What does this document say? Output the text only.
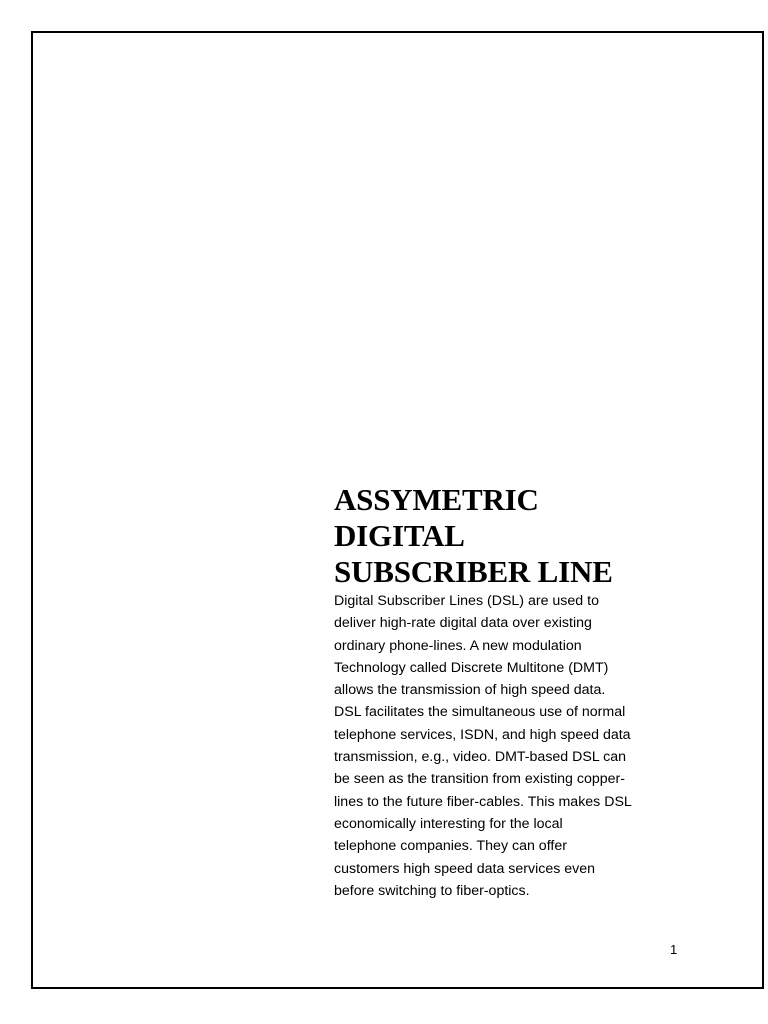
ASSYMETRIC
DIGITAL
SUBSCRIBER LINE

Digital Subscriber Lines (DSL) are used to
deliver high-rate digital data over existing
ordinary phone-lines. A new modulation
Technology called Discrete Multitone (DMT)
allows the transmission of high speed data.
DSL facilitates the simultaneous use of normal
telephone services, ISDN, and high speed data
transmission, e.g., video. DMT-based DSL can
be seen as the transition from existing copper-
lines to the future fiber-cables. This makes DSL
economically interesting for the local
telephone companies. They can offer
customers high speed data services even
before switching to fiber-optics.

1
